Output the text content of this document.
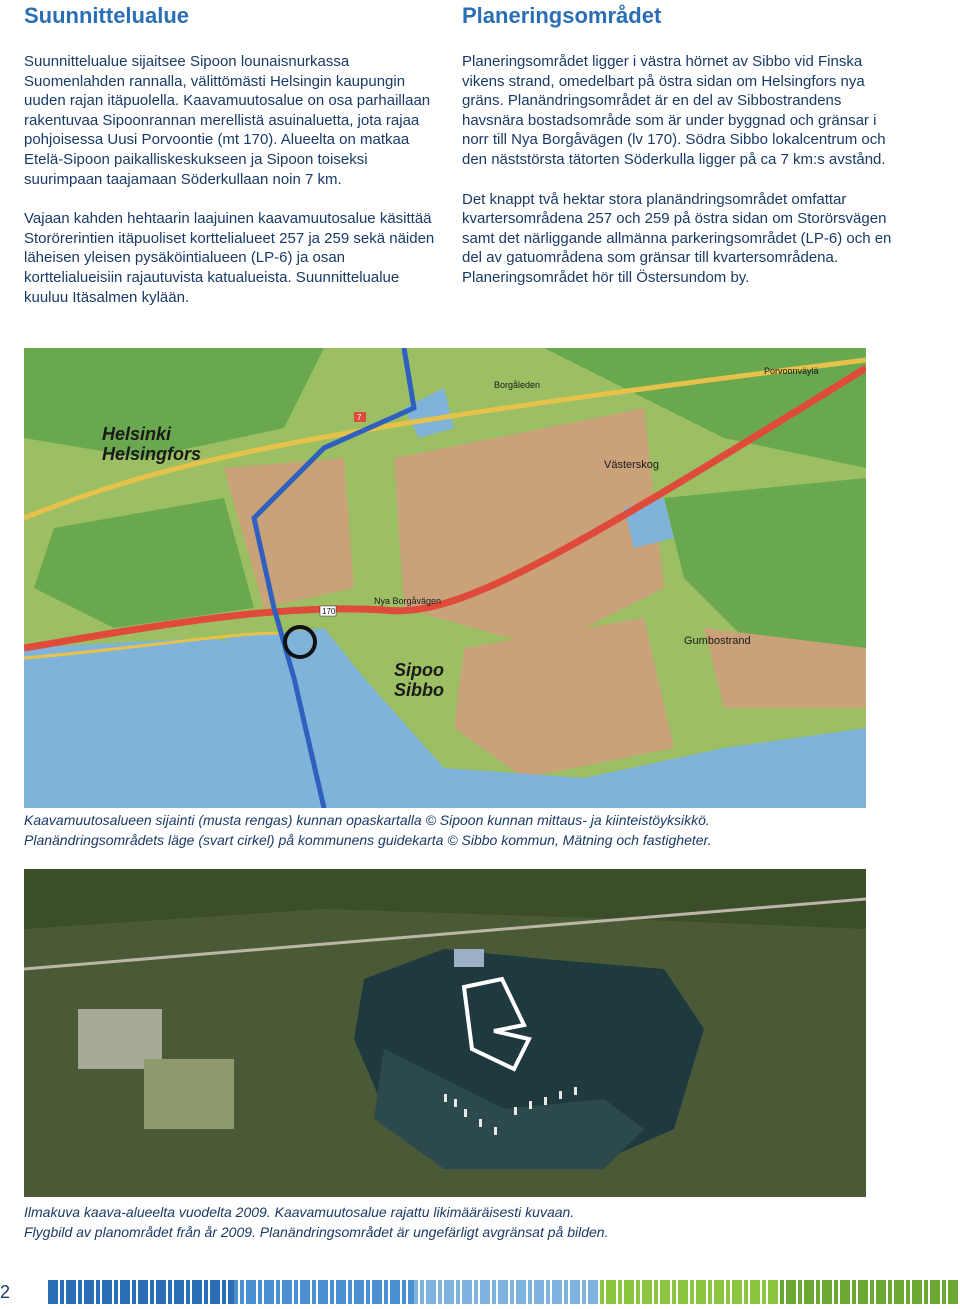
Suunnittelualue

Suunnittelualue sijaitsee Sipoon lounaisnurkassa Suomenlahden rannalla, välittömästi Helsingin kaupungin uuden rajan itäpuolella. Kaavamuutosalue on osa parhaillaan rakentuvaa Sipoonrannan merellistä asuinaluetta, jota rajaa pohjoisessa Uusi Porvoontie (mt 170). Alueelta on matkaa Etelä-Sipoon paikalliskeskukseen ja Sipoon toiseksi suurimpaan taajamaan Söderkullaan noin 7 km.

Vajaan kahden hehtaarin laajuinen kaavamuutosalue käsittää Storörerintien itäpuoliset korttelialueet 257 ja 259 sekä näiden läheisen yleisen pysäköintialueen (LP-6) ja osan korttelialueisiin rajautuvista katualueista. Suunnittelualue kuuluu Itäsalmen kylään.

Planeringsområdet

Planeringsområdet ligger i västra hörnet av Sibbo vid Finska vikens strand, omedelbart på östra sidan om Helsingfors nya gräns. Planändringsområdet är en del av Sibbostrandens havsnära bostadsområde som är under byggnad och gränsar i norr till Nya Borgåvägen (lv 170). Södra Sibbo lokalcentrum och den näststörsta tätorten Söderkulla ligger på ca 7 km:s avstånd.

Det knappt två hektar stora planändringsområdet omfattar kvartersområdena 257 och 259 på östra sidan om Storörsvägen samt det närliggande allmänna parkeringsområdet (LP-6) och en del av gatuområdena som gränsar till kvartersområdena. Planeringsområdet hör till Östersundom by.

Helsinki
Helsingfors
Sipoo
Sibbo
Västerskog
Gumbostrand
Borgåleden
Porvoonväylä
Nya Borgåvägen
170
7
Kaavamuutosalueen sijainti (musta rengas) kunnan opaskartalla © Sipoon kunnan mittaus- ja kiinteistöyksikkö.
Planändringsområdets läge (svart cirkel) på kommunens guidekarta © Sibbo kommun, Mätning och fastigheter.
Ilmakuva kaava-alueelta vuodelta 2009. Kaavamuutosalue rajattu likimääräisesti kuvaan.
Flygbild av planområdet från år 2009. Planändringsområdet är ungefärligt avgränsat på bilden.
2
